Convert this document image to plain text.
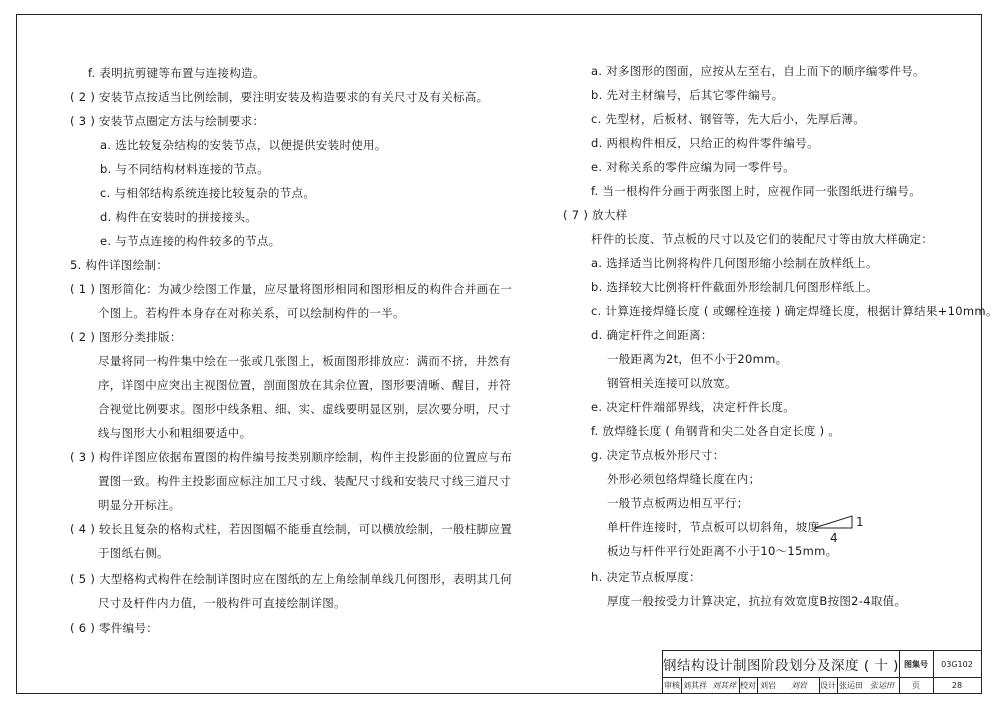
f. 表明抗剪键等布置与连接构造。
( 2 ) 安装节点按适当比例绘制，要注明安装及构造要求的有关尺寸及有关标高。
( 3 ) 安装节点圈定方法与绘制要求：
a. 选比较复杂结构的安装节点，以便提供安装时使用。
b. 与不同结构材料连接的节点。
c. 与相邻结构系统连接比较复杂的节点。
d. 构件在安装时的拼接接头。
e. 与节点连接的构件较多的节点。
5. 构件详图绘制：
( 1 ) 图形简化：为减少绘图工作量，应尽量将图形相同和图形相反的构件合并画在一
个图上。若构件本身存在对称关系，可以绘制构件的一半。
( 2 ) 图形分类排版：
尽量将同一构件集中绘在一张或几张图上，板面图形排放应：满而不挤，井然有
序，详图中应突出主视图位置，剖面图放在其余位置，图形要清晰、醒目，并符
合视觉比例要求。图形中线条粗、细、实、虚线要明显区别，层次要分明，尺寸
线与图形大小和粗细要适中。
( 3 ) 构件详图应依据布置图的构件编号按类别顺序绘制，构件主投影面的位置应与布
置图一致。构件主投影面应标注加工尺寸线、装配尺寸线和安装尺寸线三道尺寸
明显分开标注。
( 4 ) 较长且复杂的格构式柱，若因图幅不能垂直绘制，可以横放绘制，一般柱脚应置
于图纸右侧。
( 5 ) 大型格构式构件在绘制详图时应在图纸的左上角绘制单线几何图形，表明其几何
尺寸及杆件内力值，一般构件可直接绘制详图。
( 6 ) 零件编号：
a. 对多图形的图面，应按从左至右，自上而下的顺序编零件号。
b. 先对主材编号，后其它零件编号。
c. 先型材，后板材、钢管等，先大后小，先厚后薄。
d. 两根构件相反，只给正的构件零件编号。
e. 对称关系的零件应编为同一零件号。
f. 当一根构件分画于两张图上时，应视作同一张图纸进行编号。
( 7 ) 放大样
杆件的长度、节点板的尺寸以及它们的装配尺寸等由放大样确定：
a. 选择适当比例将构件几何图形缩小绘制在放样纸上。
b. 选择较大比例将杆件截面外形绘制几何图形样纸上。
c. 计算连接焊缝长度 ( 或螺栓连接 ) 确定焊缝长度，根据计算结果+10mm。
d. 确定杆件之间距离：
一般距离为2t，但不小于20mm。
钢管相关连接可以放宽。
e. 决定杆件端部界线，决定杆件长度。
f. 放焊缝长度 ( 角钢背和尖二处各自定长度 ) 。
g. 决定节点板外形尺寸：
外形必须包络焊缝长度在内；
一般节点板两边相互平行；
单杆件连接时，节点板可以切斜角，坡度
板边与杆件平行处距离不小于10～15mm。
h. 决定节点板厚度：
厚度一般按受力计算决定，抗拉有效宽度B按图2-4取值。
1
4
钢结构设计制图阶段划分及深度 ( 十 ) 图集号	03G102
审核 刘其祥 刘其祥 校对 刘岩	刘岩	设计 张运田 张运田	页	28
